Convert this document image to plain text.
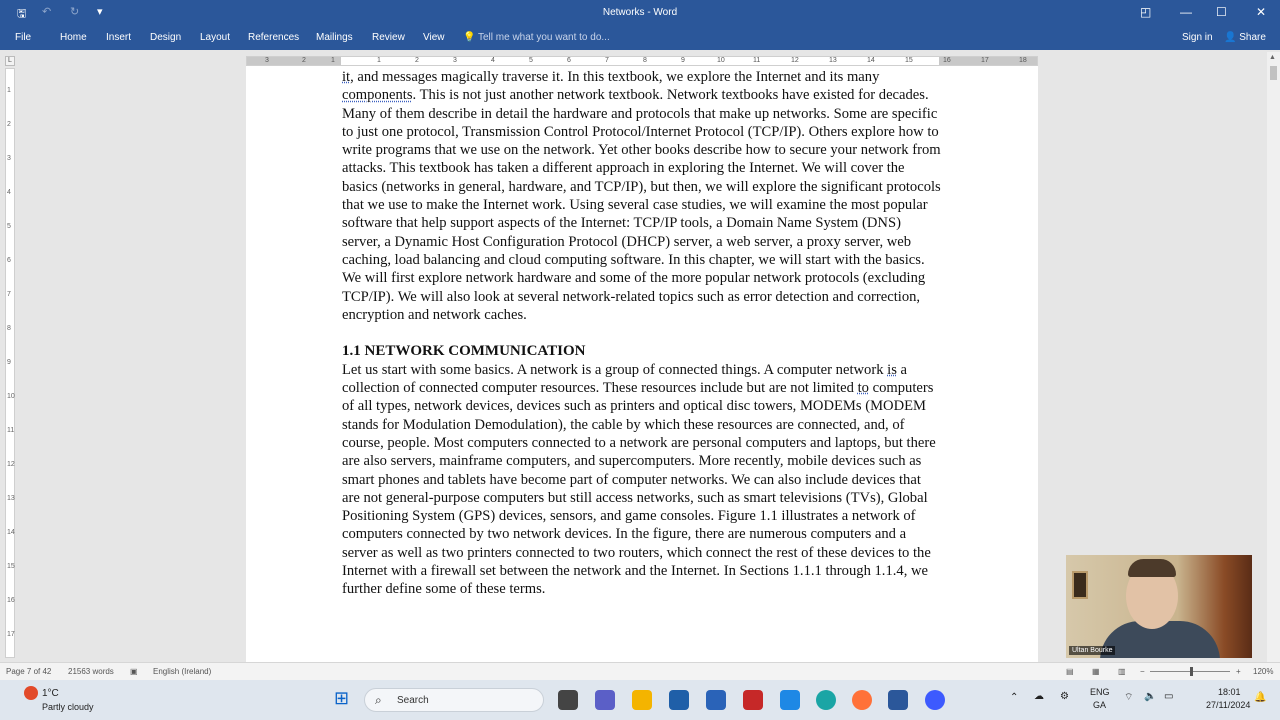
🖫 ↶ ↻ ▾	Networks - Word	◰ — ☐ ✕
File	Home Insert Design Layout References Mailings Review View 💡 Tell me what you want to do...	Sign in 👤 Share
L	3	2	1	1	2	3	4	5	6	7	8	9	10	11	12	13	14	15	16	17	18
1
2
3
4
5
6
7
8
9
10
11
12
13
14
15
16
17

it, and messages magically traverse it. In this textbook, we explore the Internet and its many components. This is not just another network textbook. Network textbooks have existed for decades. Many of them describe in detail the hardware and protocols that make up networks. Some are specific to just one protocol, Transmission Control Protocol/Internet Protocol (TCP/IP). Others explore how to write programs that we use on the network. Yet other books describe how to secure your network from attacks. This textbook has taken a different approach in exploring the Internet. We will cover the basics (networks in general, hardware, and TCP/IP), but then, we will explore the significant protocols that we use to make the Internet work. Using several case studies, we will examine the most popular software that help support aspects of the Internet: TCP/IP tools, a Domain Name System (DNS) server, a Dynamic Host Configuration Protocol (DHCP) server, a web server, a proxy server, web caching, load balancing and cloud computing software. In this chapter, we will start with the basics. We will first explore network hardware and some of the more popular network protocols (excluding TCP/IP). We will also look at several network-related topics such as error detection and correction, encryption and network caches.

1.1 NETWORK COMMUNICATION

Let us start with some basics. A network is a group of connected things. A computer network is a collection of connected computer resources. These resources include but are not limited to computers of all types, network devices, devices such as printers and optical disc towers, MODEMs (MODEM stands for Modulation Demodulation), the cable by which these resources are connected, and, of course, people. Most computers connected to a network are personal computers and laptops, but there are also servers, mainframe computers, and supercomputers. More recently, mobile devices such as smart phones and tablets have become part of computer networks. We can also include devices that are not general-purpose computers but still access networks, such as smart televisions (TVs), Global Positioning System (GPS) devices, sensors, and game consoles. Figure 1.1 illustrates a network of computers connected by two network devices. In the figure, there are numerous computers and a server as well as two printers connected to two routers, which connect the rest of these devices to the Internet with a firewall set between the network and the Internet. In Sections 1.1.1 through 1.1.4, we further define some of these terms.

▲
Ultan Bourke
Page 7 of 42 21563 words ▣ English (Ireland)	▤ ▦ ▥ −	+ 120%
1°C
Partly cloudy	⊞ ⌕ Search	⌃ ☁ ⚙ ENG
GA
⌔ 🔈 ▭	18:01
27/11/2024
🔔
